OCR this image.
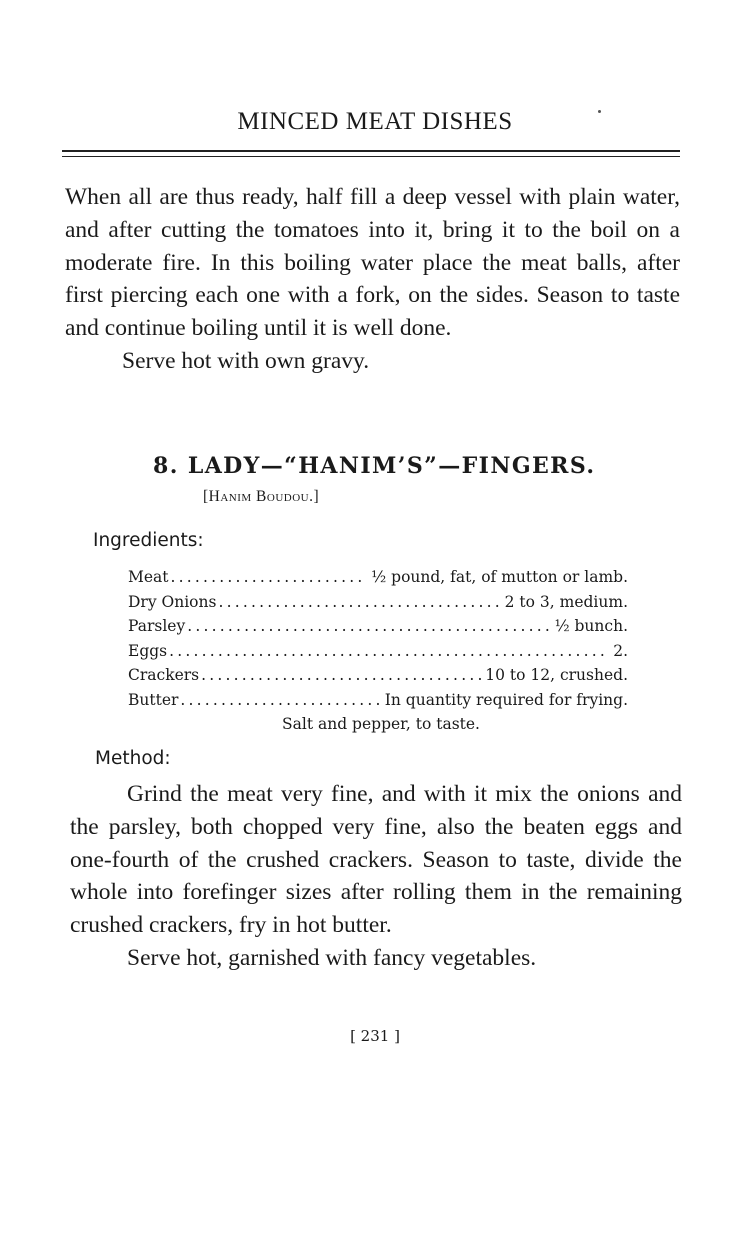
MINCED MEAT DISHES

When all are thus ready, half fill a deep vessel with plain water, and after cutting the tomatoes into it, bring it to the boil on a moderate fire. In this boiling water place the meat balls, after first piercing each one with a fork, on the sides. Season to taste and continue boiling until it is well done.

Serve hot with own gravy.

8. LADY—“HANIM’S”—FINGERS.
[Hanim Boudou.]
Ingredients:
Meat .....	½ pound, fat, of mutton or lamb.
Dry Onions .....	2 to 3, medium.
Parsley .....	½ bunch.
Eggs .....	2.
Crackers .....	10 to 12, crushed.
Butter .....	In quantity required for frying.
Salt and pepper, to taste.
Method:

Grind the meat very fine, and with it mix the onions and the parsley, both chopped very fine, also the beaten eggs and one-fourth of the crushed crackers. Season to taste, divide the whole into forefinger sizes after rolling them in the remaining crushed crackers, fry in hot butter.

Serve hot, garnished with fancy vegetables.

[ 231 ]
